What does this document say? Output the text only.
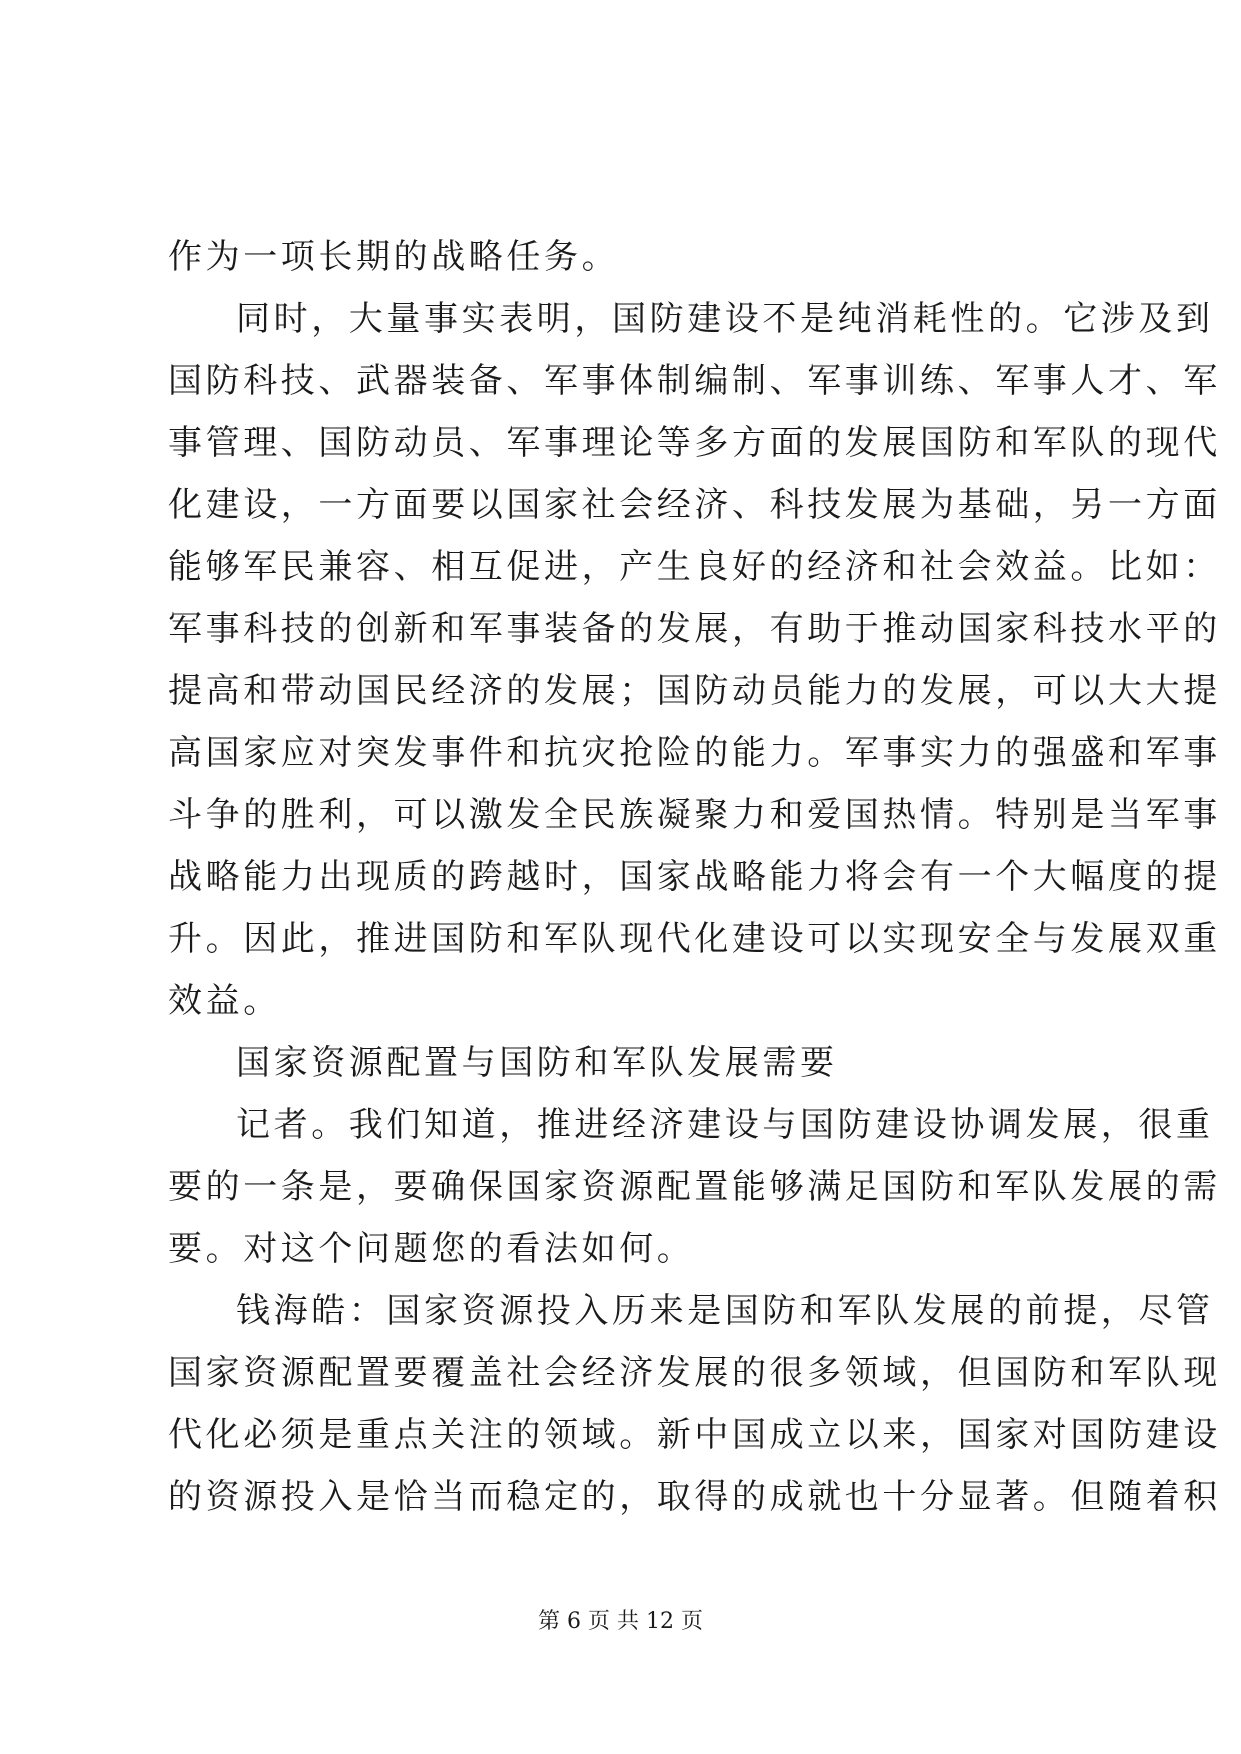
作为一项长期的战略任务。
同时，大量事实表明，国防建设不是纯消耗性的。它涉及到
国防科技、武器装备、军事体制编制、军事训练、军事人才、军
事管理、国防动员、军事理论等多方面的发展国防和军队的现代
化建设，一方面要以国家社会经济、科技发展为基础，另一方面
能够军民兼容、相互促进，产生良好的经济和社会效益。比如：
军事科技的创新和军事装备的发展，有助于推动国家科技水平的
提高和带动国民经济的发展；国防动员能力的发展，可以大大提
高国家应对突发事件和抗灾抢险的能力。军事实力的强盛和军事
斗争的胜利，可以激发全民族凝聚力和爱国热情。特别是当军事
战略能力出现质的跨越时，国家战略能力将会有一个大幅度的提
升。因此，推进国防和军队现代化建设可以实现安全与发展双重
效益。
国家资源配置与国防和军队发展需要
记者。我们知道，推进经济建设与国防建设协调发展，很重
要的一条是，要确保国家资源配置能够满足国防和军队发展的需
要。对这个问题您的看法如何。
钱海皓：国家资源投入历来是国防和军队发展的前提，尽管
国家资源配置要覆盖社会经济发展的很多领域，但国防和军队现
代化必须是重点关注的领域。新中国成立以来，国家对国防建设
的资源投入是恰当而稳定的，取得的成就也十分显著。但随着积
第 6 页 共 12 页
